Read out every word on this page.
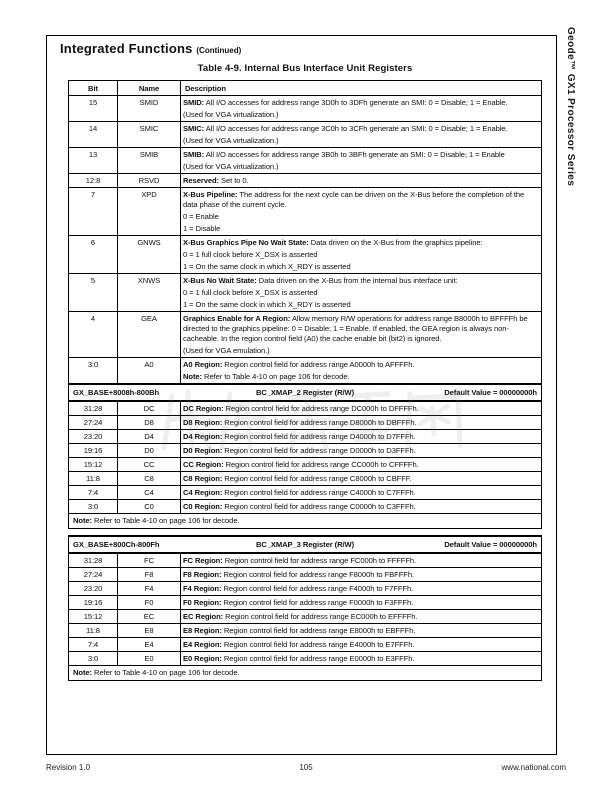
Integrated Functions (Continued)
Table 4-9. Internal Bus Interface Unit Registers
Bit	Name	Description
15	SMID	SMID: All I/O accesses for address range 3D0h to 3DFh generate an SMI: 0 = Disable; 1 = Enable.
(Used for VGA virtualization.)

14	SMIC	SMIC: All I/O accesses for address range 3C0h to 3CFh generate an SMI: 0 = Disable; 1 = Enable.
(Used for VGA virtualization.)

13	SMIB	SMIB: All I/O accesses for address range 3B0h to 3BFh generate an SMI: 0 = Disable; 1 = Enable
(Used for VGA virtualization.)

12:8	RSVD	Reserved: Set to 0.

7	XPD	X-Bus Pipeline: The address for the next cycle can be driven on the X-Bus before the completion of the data phase of the current cycle.
0 = Enable
1 = Disable

6	GNWS	X-Bus Graphics Pipe No Wait State: Data driven on the X-Bus from the graphics pipeline:
0 = 1 full clock before X_DSX is asserted
1 = On the same clock in which X_RDY is asserted

5	XNWS	X-Bus No Wait State: Data driven on the X-Bus from the internal bus interface unit:
0 = 1 full clock before X_DSX is asserted
1 = On the same clock in which X_RDY is asserted

4	GEA	Graphics Enable for A Region: Allow memory R/W operations for address range B8000h to BFFFFh be directed to the graphics pipeline: 0 = Disable; 1 = Enable. If enabled, the GEA region is always non-cacheable. In the region control field (A0) the cache enable bit (bit2) is ignored.
(Used for VGA emulation.)

3:0	A0	A0 Region: Region control field for address range A0000h to AFFFFh.
Note: Refer to Table 4-10 on page 106 for decode.

GX_BASE+8008h-800Bh BC_XMAP_2 Register (R/W) Default Value = 00000000h		

31:28	DC	DC Region: Region control field for address range DC000h to DFFFFh.

27:24	D8	D8 Region: Region control field for address range D8000h to DBFFFh.

23:20	D4	D4 Region: Region control field for address range D4000h to D7FFFh.

19:16	D0	D0 Region: Region control field for address range D0000h to D3FFFh.

15:12	CC	CC Region: Region control field for address range CC000h to CFFFFh.

11:8	C8	C8 Region: Region control field for address range C8000h to CBFFF.

7:4	C4	C4 Region: Region control field for address range C4000h to C7FFFh.

3:0	C0	C0 Region: Region control field for address range C0000h to C3FFFh.

Note: Refer to Table 4-10 on page 106 for decode.		
GX_BASE+800Ch-800Fh BC_XMAP_3 Register (R/W) Default Value = 00000000h		

31:28	FC	FC Region: Region control field for address range FC000h to FFFFFh.

27:24	F8	F8 Region: Region control field for address range F8000h to FBFFFh.

23:20	F4	F4 Region: Region control field for address range F4000h to F7FFFh.

19:16	F0	F0 Region: Region control field for address range F0000h to F3FFFh.

15:12	EC	EC Region: Region control field for address range EC000h to EFFFFh.

11:8	E8	E8 Region: Region control field for address range E8000h to EBFFFh.

7:4	E4	E4 Region: Region control field for address range E4000h to E7FFFh.

3:0	E0	E0 Region: Region control field for address range E0000h to E3FFFh.

Note: Refer to Table 4-10 on page 106 for decode.		
Geode™ GX1 Processor Series
Revision 1.0	105	www.national.com
